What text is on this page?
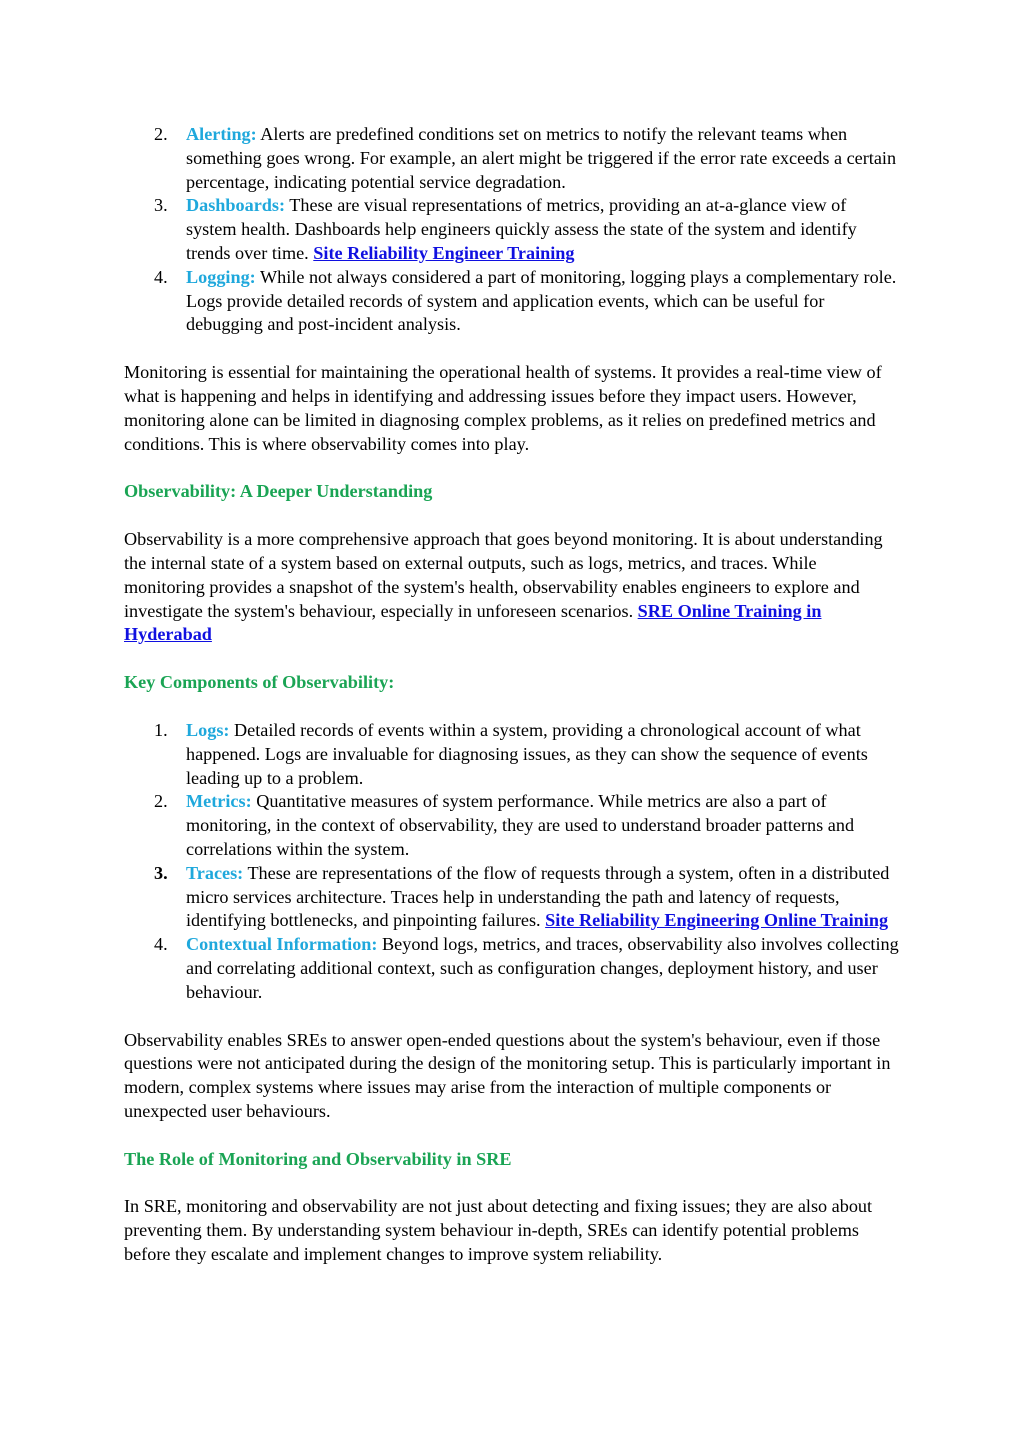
2. Alerting: Alerts are predefined conditions set on metrics to notify the relevant teams when something goes wrong. For example, an alert might be triggered if the error rate exceeds a certain percentage, indicating potential service degradation.
3. Dashboards: These are visual representations of metrics, providing an at-a-glance view of system health. Dashboards help engineers quickly assess the state of the system and identify trends over time. Site Reliability Engineer Training
4. Logging: While not always considered a part of monitoring, logging plays a complementary role. Logs provide detailed records of system and application events, which can be useful for debugging and post-incident analysis.

Monitoring is essential for maintaining the operational health of systems. It provides a real-time view of what is happening and helps in identifying and addressing issues before they impact users. However, monitoring alone can be limited in diagnosing complex problems, as it relies on predefined metrics and conditions. This is where observability comes into play.

Observability: A Deeper Understanding

Observability is a more comprehensive approach that goes beyond monitoring. It is about understanding the internal state of a system based on external outputs, such as logs, metrics, and traces. While monitoring provides a snapshot of the system's health, observability enables engineers to explore and investigate the system's behaviour, especially in unforeseen scenarios. SRE Online Training in Hyderabad

Key Components of Observability:
1. Logs: Detailed records of events within a system, providing a chronological account of what happened. Logs are invaluable for diagnosing issues, as they can show the sequence of events leading up to a problem.
2. Metrics: Quantitative measures of system performance. While metrics are also a part of monitoring, in the context of observability, they are used to understand broader patterns and correlations within the system.
3. Traces: These are representations of the flow of requests through a system, often in a distributed micro services architecture. Traces help in understanding the path and latency of requests, identifying bottlenecks, and pinpointing failures. Site Reliability Engineering Online Training
4. Contextual Information: Beyond logs, metrics, and traces, observability also involves collecting and correlating additional context, such as configuration changes, deployment history, and user behaviour.

Observability enables SREs to answer open-ended questions about the system's behaviour, even if those questions were not anticipated during the design of the monitoring setup. This is particularly important in modern, complex systems where issues may arise from the interaction of multiple components or unexpected user behaviours.

The Role of Monitoring and Observability in SRE

In SRE, monitoring and observability are not just about detecting and fixing issues; they are also about preventing them. By understanding system behaviour in-depth, SREs can identify potential problems before they escalate and implement changes to improve system reliability.
